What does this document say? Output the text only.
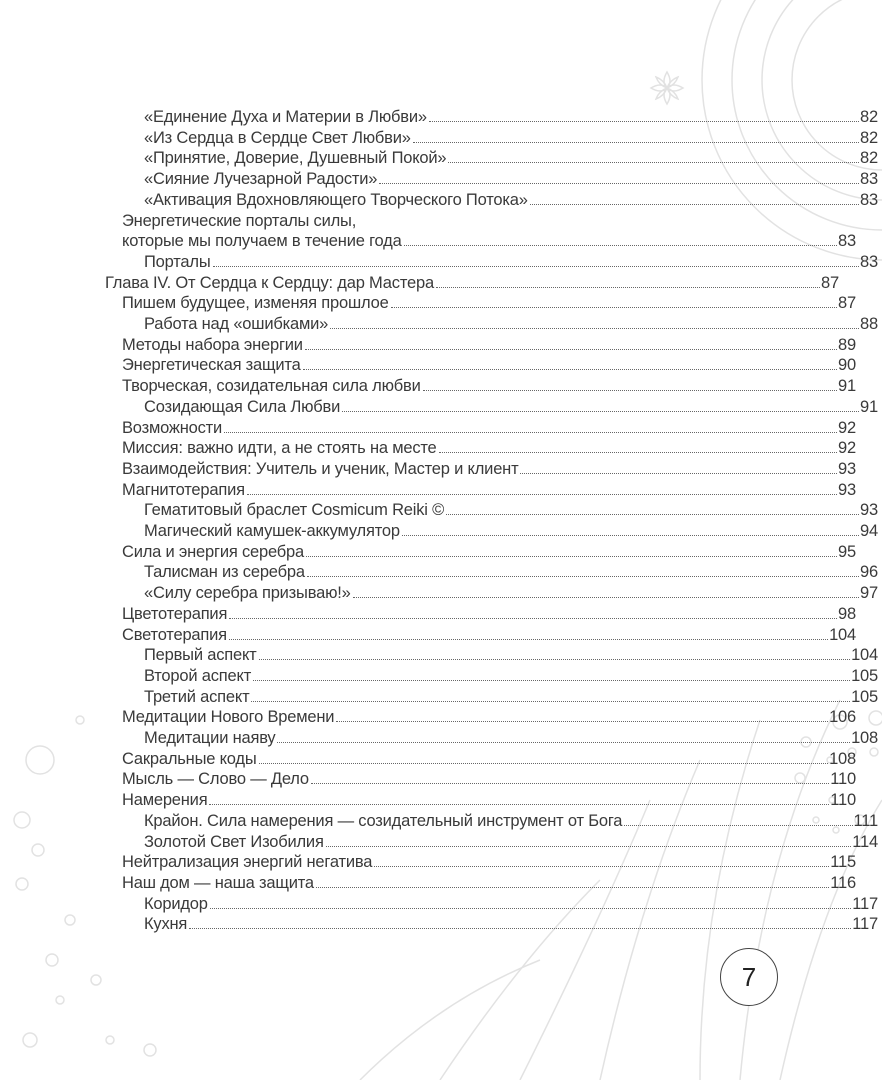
«Единение Духа и Материи в Любви»	82
«Из Сердца в Сердце Свет Любви»	82
«Принятие, Доверие, Душевный Покой»	82
«Сияние Лучезарной Радости»	83
«Активация Вдохновляющего Творческого Потока»	83
Энергетические порталы силы,
которые мы получаем в течение года	83
Порталы	83
Глава IV. От Сердца к Сердцу: дар Мастера	87
Пишем будущее, изменяя прошлое	87
Работа над «ошибками»	88
Методы набора энергии	89
Энергетическая защита	90
Творческая, созидательная сила любви	91
Созидающая Сила Любви	91
Возможности	92
Миссия: важно идти, а не стоять на месте	92
Взаимодействия: Учитель и ученик, Мастер и клиент	93
Магнитотерапия	93
Гематитовый браслет Cosmicum Reiki ©	93
Магический камушек-аккумулятор	94
Сила и энергия серебра	95
Талисман из серебра	96
«Силу серебра призываю!»	97
Цветотерапия	98
Светотерапия	104
Первый аспект	104
Второй аспект	105
Третий аспект	105
Медитации Нового Времени	106
Медитации наяву	108
Сакральные коды	108
Мысль — Слово — Дело	110
Намерения	110
Крайон. Сила намерения — созидательный инструмент от Бога	111
Золотой Свет Изобилия	114
Нейтрализация энергий негатива	115
Наш дом — наша защита	116
Коридор	117
Кухня	117
7
